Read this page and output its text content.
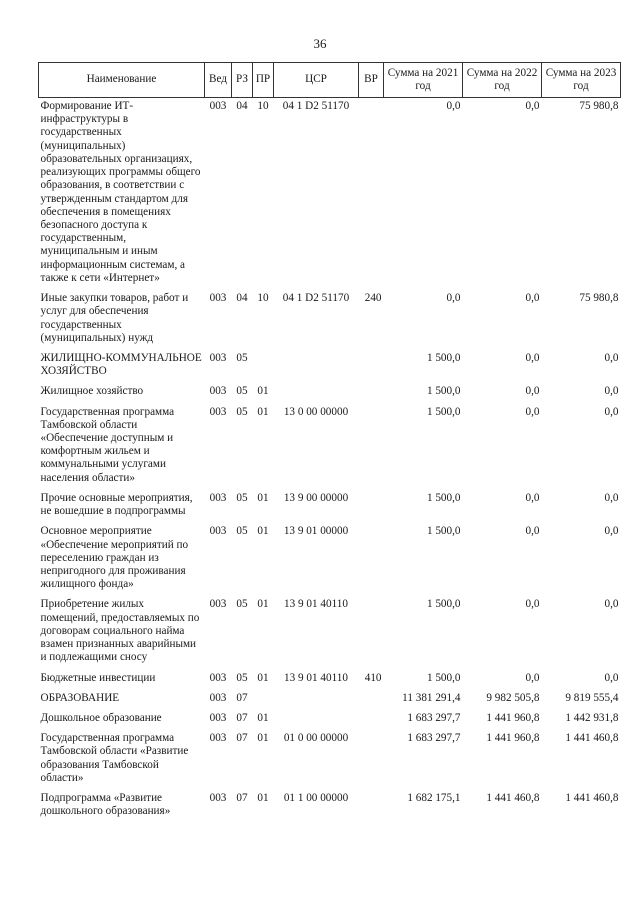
36
Наименование	Вед	РЗ	ПР	ЦСР	ВР	Сумма на 2021 год	Сумма на 2022 год	Сумма на 2023 год
Формирование ИТ-инфраструктуры в государственных (муниципальных) образовательных организациях, реализующих программы общего образования, в соответствии с утвержденным стандартом для обеспечения в помещениях безопасного доступа к государственным, муниципальным и иным информационным системам, а также к сети «Интернет»	003	04	10	04 1 D2 51170		0,0	0,0	75 980,8
Иные закупки товаров, работ и услуг для обеспечения государственных (муниципальных) нужд	003	04	10	04 1 D2 51170	240	0,0	0,0	75 980,8
ЖИЛИЩНО-КОММУНАЛЬНОЕ ХОЗЯЙСТВО	003	05				1 500,0	0,0	0,0
Жилищное хозяйство	003	05	01			1 500,0	0,0	0,0
Государственная программа Тамбовской области «Обеспечение доступным и комфортным жильем и коммунальными услугами населения области»	003	05	01	13 0 00 00000		1 500,0	0,0	0,0
Прочие основные мероприятия, не вошедшие в подпрограммы	003	05	01	13 9 00 00000		1 500,0	0,0	0,0
Основное мероприятие «Обеспечение мероприятий по переселению граждан из непригодного для проживания жилищного фонда»	003	05	01	13 9 01 00000		1 500,0	0,0	0,0
Приобретение жилых помещений, предоставляемых по договорам социального найма взамен признанных аварийными и подлежащими сносу	003	05	01	13 9 01 40110		1 500,0	0,0	0,0
Бюджетные инвестиции	003	05	01	13 9 01 40110	410	1 500,0	0,0	0,0
ОБРАЗОВАНИЕ	003	07				11 381 291,4	9 982 505,8	9 819 555,4
Дошкольное образование	003	07	01			1 683 297,7	1 441 960,8	1 442 931,8
Государственная программа Тамбовской области «Развитие образования Тамбовской области»	003	07	01	01 0 00 00000		1 683 297,7	1 441 960,8	1 441 460,8
Подпрограмма «Развитие дошкольного образования»	003	07	01	01 1 00 00000		1 682 175,1	1 441 460,8	1 441 460,8
